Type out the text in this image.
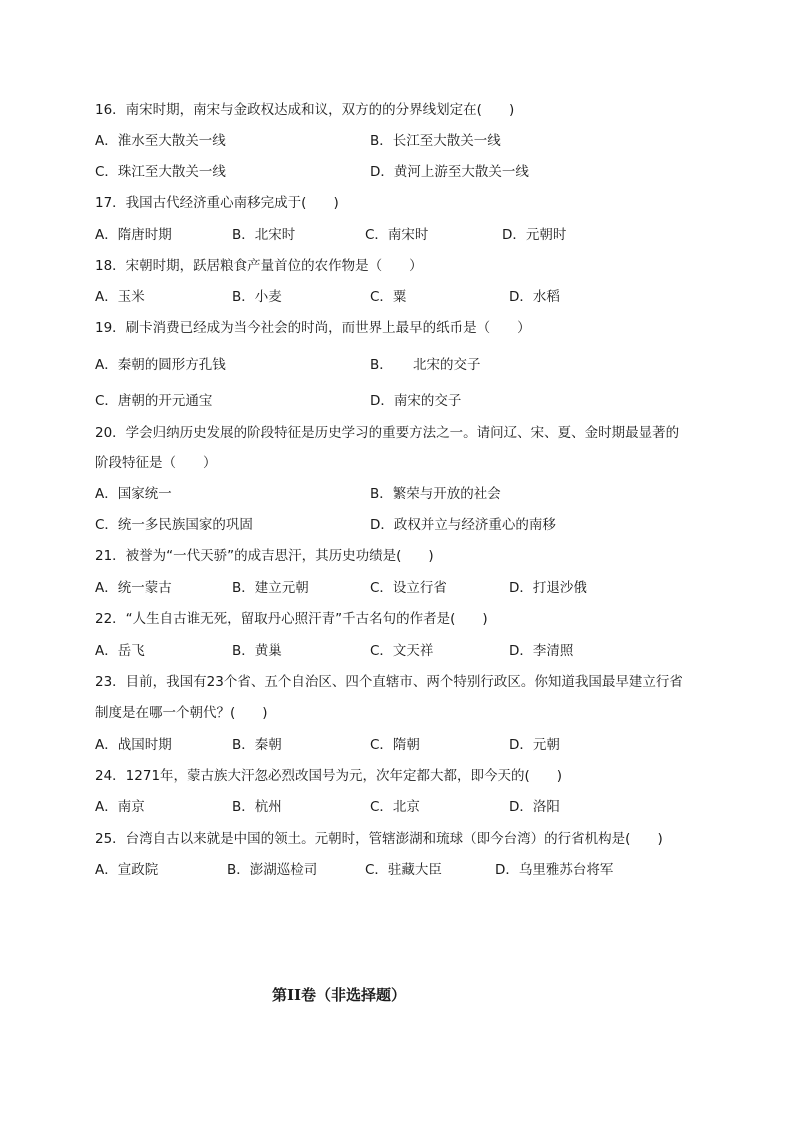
16．南宋时期，南宋与金政权达成和议，双方的的分界线划定在(　　)
A．淮水至大散关一线	B．长江至大散关一线
C．珠江至大散关一线	D．黄河上游至大散关一线
17．我国古代经济重心南移完成于(　　)
A．隋唐时期	B．北宋时	C．南宋时	D．元朝时
18．宋朝时期，跃居粮食产量首位的农作物是（　　）
A．玉米	B．小麦	C．粟	D．水稻
19．刷卡消费已经成为当今社会的时尚，而世界上最早的纸币是（　　）
A．秦朝的圆形方孔钱	B．　　北宋的交子
C．唐朝的开元通宝	D．南宋的交子
20．学会归纳历史发展的阶段特征是历史学习的重要方法之一。请问辽、宋、夏、金时期最显著的
阶段特征是（　　）
A．国家统一	B．繁荣与开放的社会
C．统一多民族国家的巩固	D．政权并立与经济重心的南移
21．被誉为“一代天骄”的成吉思汗，其历史功绩是(　　)
A．统一蒙古	B．建立元朝	C．设立行省	D．打退沙俄
22．“人生自古谁无死，留取丹心照汗青”千古名句的作者是(　　)
A．岳飞	B．黄巢	C．文天祥	D．李清照
23．目前，我国有23个省、五个自治区、四个直辖市、两个特别行政区。你知道我国最早建立行省
制度是在哪一个朝代？(　　)
A．战国时期	B．秦朝	C．隋朝	D．元朝
24．1271年，蒙古族大汗忽必烈改国号为元，次年定都大都，即今天的(　　)
A．南京	B．杭州	C．北京	D．洛阳
25．台湾自古以来就是中国的领土。元朝时，管辖澎湖和琉球（即今台湾）的行省机构是(　　)
A．宣政院	B．澎湖巡检司	C．驻藏大臣	D．乌里雅苏台将军
第II卷（非选择题）
